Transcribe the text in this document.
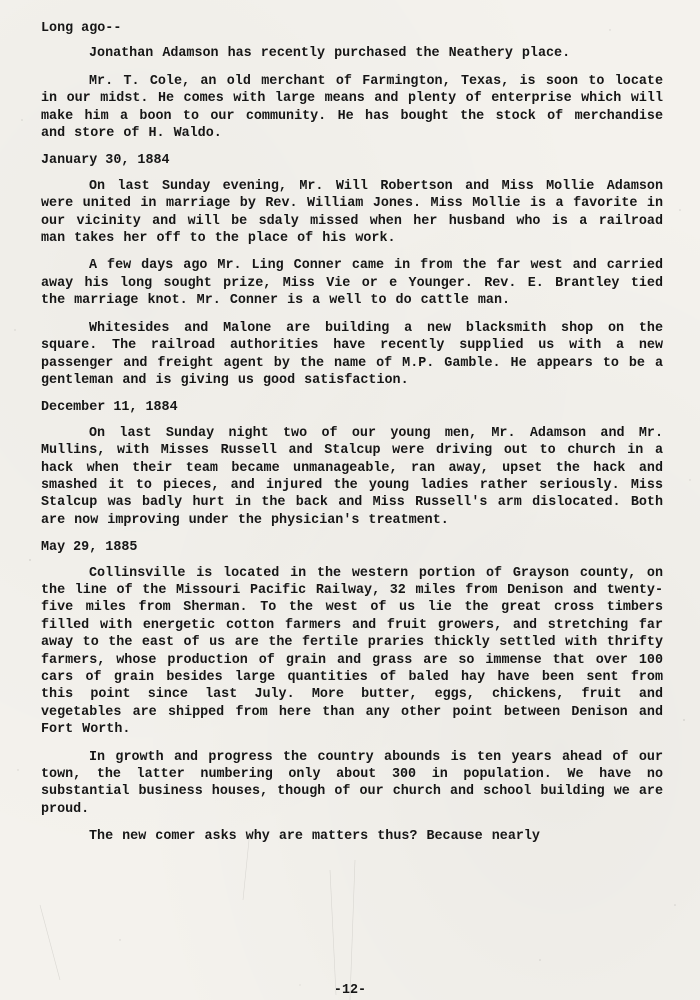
Long ago--

Jonathan Adamson has recently purchased the Neathery place.

Mr. T. Cole, an old merchant of Farmington, Texas, is soon to locate in our midst. He comes with large means and plenty of enterprise which will make him a boon to our community. He has bought the stock of merchandise and store of H. Waldo.

January 30, 1884

On last Sunday evening, Mr. Will Robertson and Miss Mollie Adamson were united in marriage by Rev. William Jones. Miss Mollie is a favorite in our vicinity and will be sdaly missed when her husband who is a railroad man takes her off to the place of his work.

A few days ago Mr. Ling Conner came in from the far west and carried away his long sought prize, Miss Vie or e Younger. Rev. E. Brantley tied the marriage knot. Mr. Conner is a well to do cattle man.

Whitesides and Malone are building a new blacksmith shop on the square. The railroad authorities have recently supplied us with a new passenger and freight agent by the name of M.P. Gamble. He appears to be a gentleman and is giving us good satisfaction.

December 11, 1884

On last Sunday night two of our young men, Mr. Adamson and Mr. Mullins, with Misses Russell and Stalcup were driving out to church in a hack when their team became unmanageable, ran away, upset the hack and smashed it to pieces, and injured the young ladies rather seriously. Miss Stalcup was badly hurt in the back and Miss Russell's arm dislocated. Both are now improving under the physician's treatment.

May 29, 1885

Collinsville is located in the western portion of Grayson county, on the line of the Missouri Pacific Railway, 32 miles from Denison and twenty-five miles from Sherman. To the west of us lie the great cross timbers filled with energetic cotton farmers and fruit growers, and stretching far away to the east of us are the fertile praries thickly settled with thrifty farmers, whose production of grain and grass are so immense that over 100 cars of grain besides large quantities of baled hay have been sent from this point since last July. More butter, eggs, chickens, fruit and vegetables are shipped from here than any other point between Denison and Fort Worth.

In growth and progress the country abounds is ten years ahead of our town, the latter numbering only about 300 in population. We have no substantial business houses, though of our church and school building we are proud.

The new comer asks why are matters thus? Because nearly

-12-
